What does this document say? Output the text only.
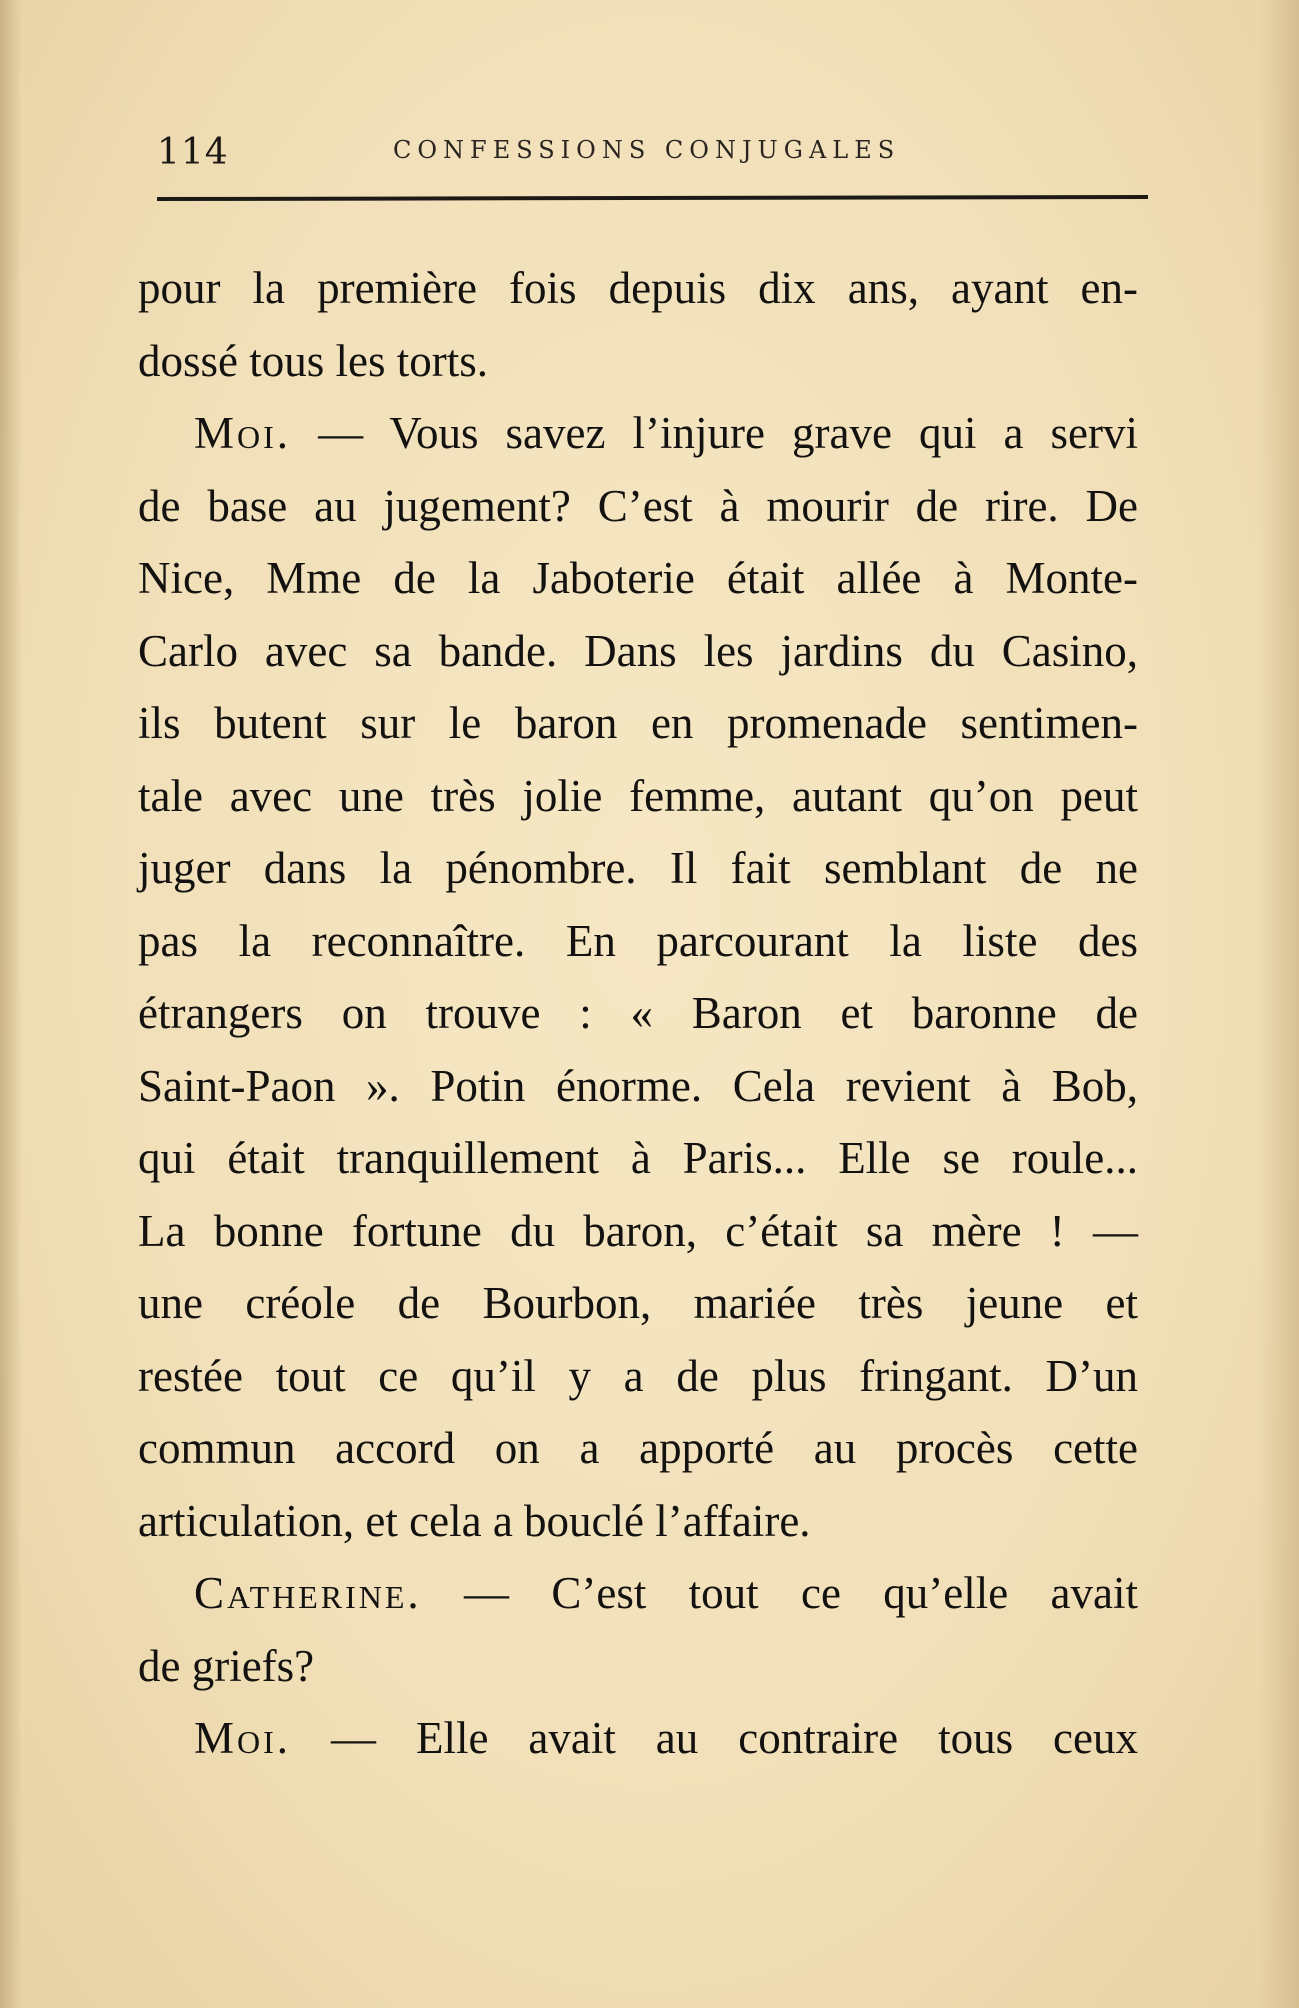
114	CONFESSIONS CONJUGALES
pour la première fois depuis dix ans, ayant en-
dossé tous les torts.
Moi. — Vous savez l’injure grave qui a servi
de base au jugement? C’est à mourir de rire. De
Nice, Mme de la Jaboterie était allée à Monte-
Carlo avec sa bande. Dans les jardins du Casino,
ils butent sur le baron en promenade sentimen-
tale avec une très jolie femme, autant qu’on peut
juger dans la pénombre. Il fait semblant de ne
pas la reconnaître. En parcourant la liste des
étrangers on trouve : « Baron et baronne de
Saint-Paon ». Potin énorme. Cela revient à Bob,
qui était tranquillement à Paris... Elle se roule...
La bonne fortune du baron, c’était sa mère ! —
une créole de Bourbon, mariée très jeune et
restée tout ce qu’il y a de plus fringant. D’un
commun accord on a apporté au procès cette
articulation, et cela a bouclé l’affaire.
Catherine. — C’est tout ce qu’elle avait
de griefs?
Moi. — Elle avait au contraire tous ceux
